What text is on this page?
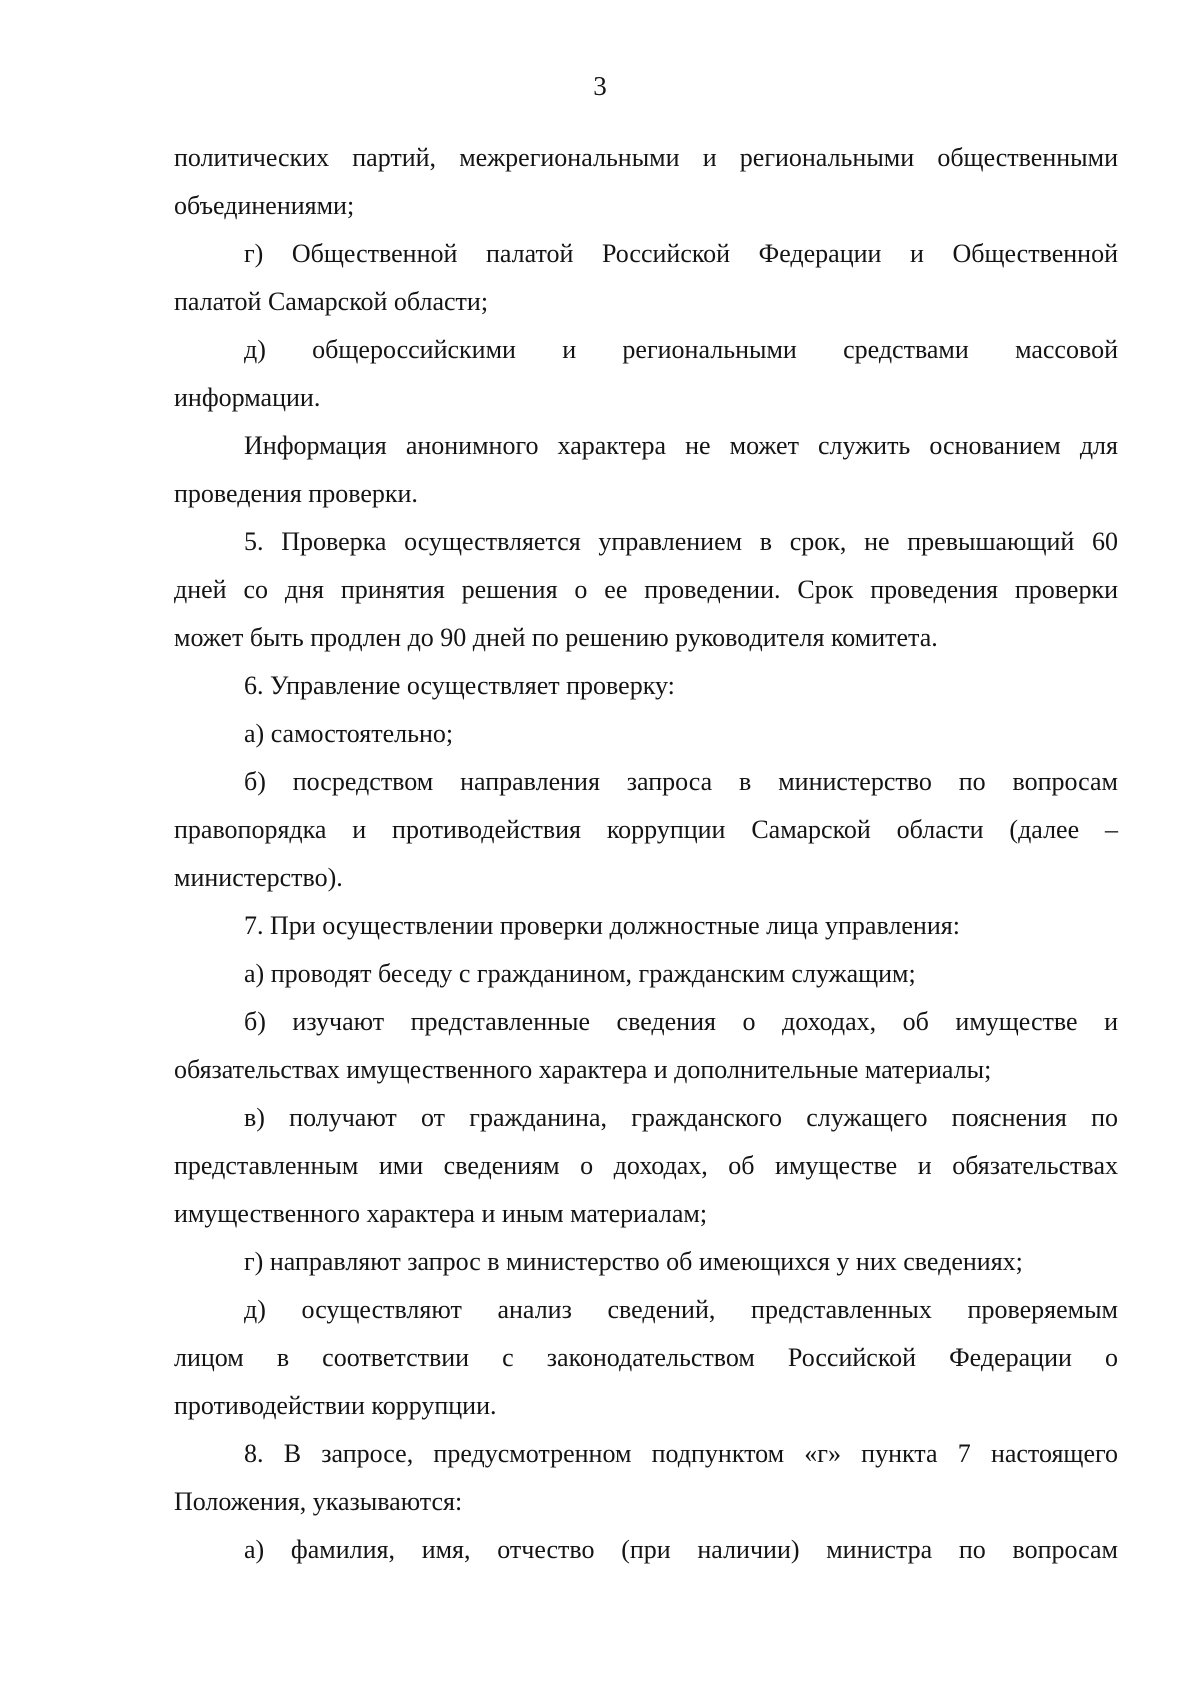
3
политических партий, межрегиональными и региональными общественными
объединениями;
г) Общественной палатой Российской Федерации и Общественной
палатой Самарской области;
д) общероссийскими и региональными средствами массовой
информации.
Информация анонимного характера не может служить основанием для
проведения проверки.
5. Проверка осуществляется управлением в срок, не превышающий 60
дней со дня принятия решения о ее проведении. Срок проведения проверки
может быть продлен до 90 дней по решению руководителя комитета.
6. Управление осуществляет проверку:
а) самостоятельно;
б) посредством направления запроса в министерство по вопросам
правопорядка и противодействия коррупции Самарской области (далее –
министерство).
7. При осуществлении проверки должностные лица управления:
а) проводят беседу с гражданином, гражданским служащим;
б) изучают представленные сведения о доходах, об имуществе и
обязательствах имущественного характера и дополнительные материалы;
в) получают от гражданина, гражданского служащего пояснения по
представленным ими сведениям о доходах, об имуществе и обязательствах
имущественного характера и иным материалам;
г) направляют запрос в министерство об имеющихся у них сведениях;
д) осуществляют анализ сведений, представленных проверяемым
лицом в соответствии с законодательством Российской Федерации о
противодействии коррупции.
8. В запросе, предусмотренном подпунктом «г» пункта 7 настоящего
Положения, указываются:
а) фамилия, имя, отчество (при наличии) министра по вопросам
